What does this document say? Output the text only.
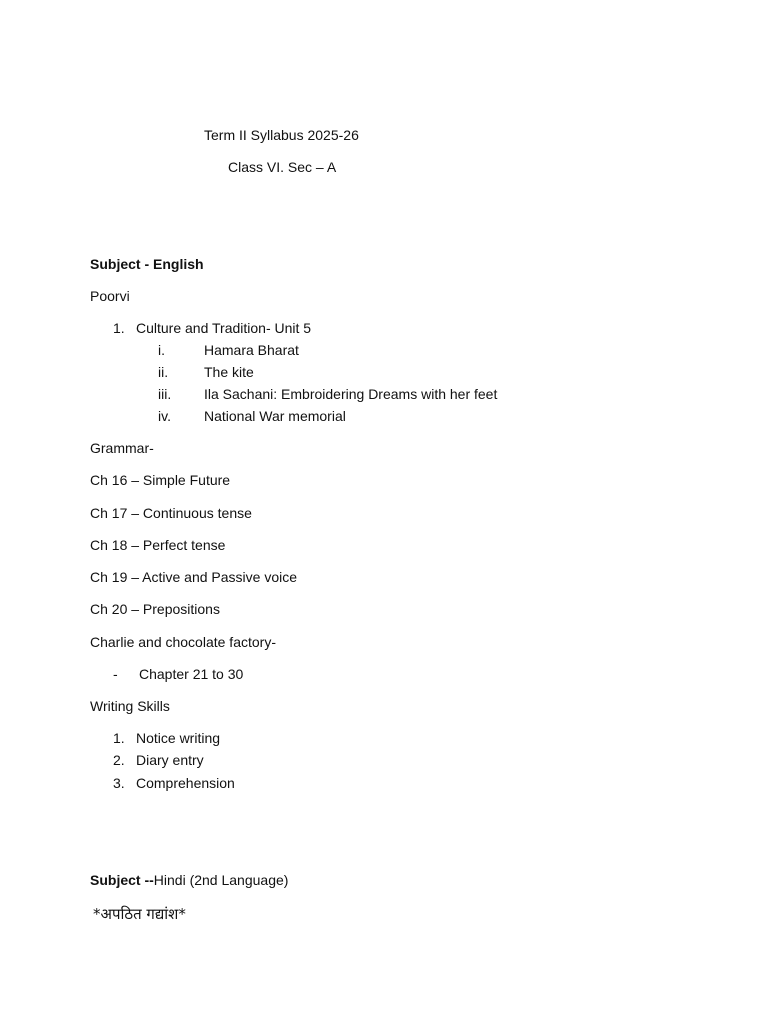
Term II Syllabus 2025-26
Class VI. Sec – A
Subject - English
Poorvi
1. Culture and Tradition- Unit 5
i.	Hamara Bharat
ii.	The kite
iii. Ila Sachani: Embroidering Dreams with her feet
iv. National War memorial
Grammar-
Ch 16 – Simple Future
Ch 17 – Continuous tense
Ch 18 – Perfect tense
Ch 19 – Active and Passive voice
Ch 20 – Prepositions
Charlie and chocolate factory-
- Chapter 21 to 30
Writing Skills
1. Notice writing
2. Diary entry
3. Comprehension
Subject --Hindi (2nd Language)
*अपठित गद्यांश*
